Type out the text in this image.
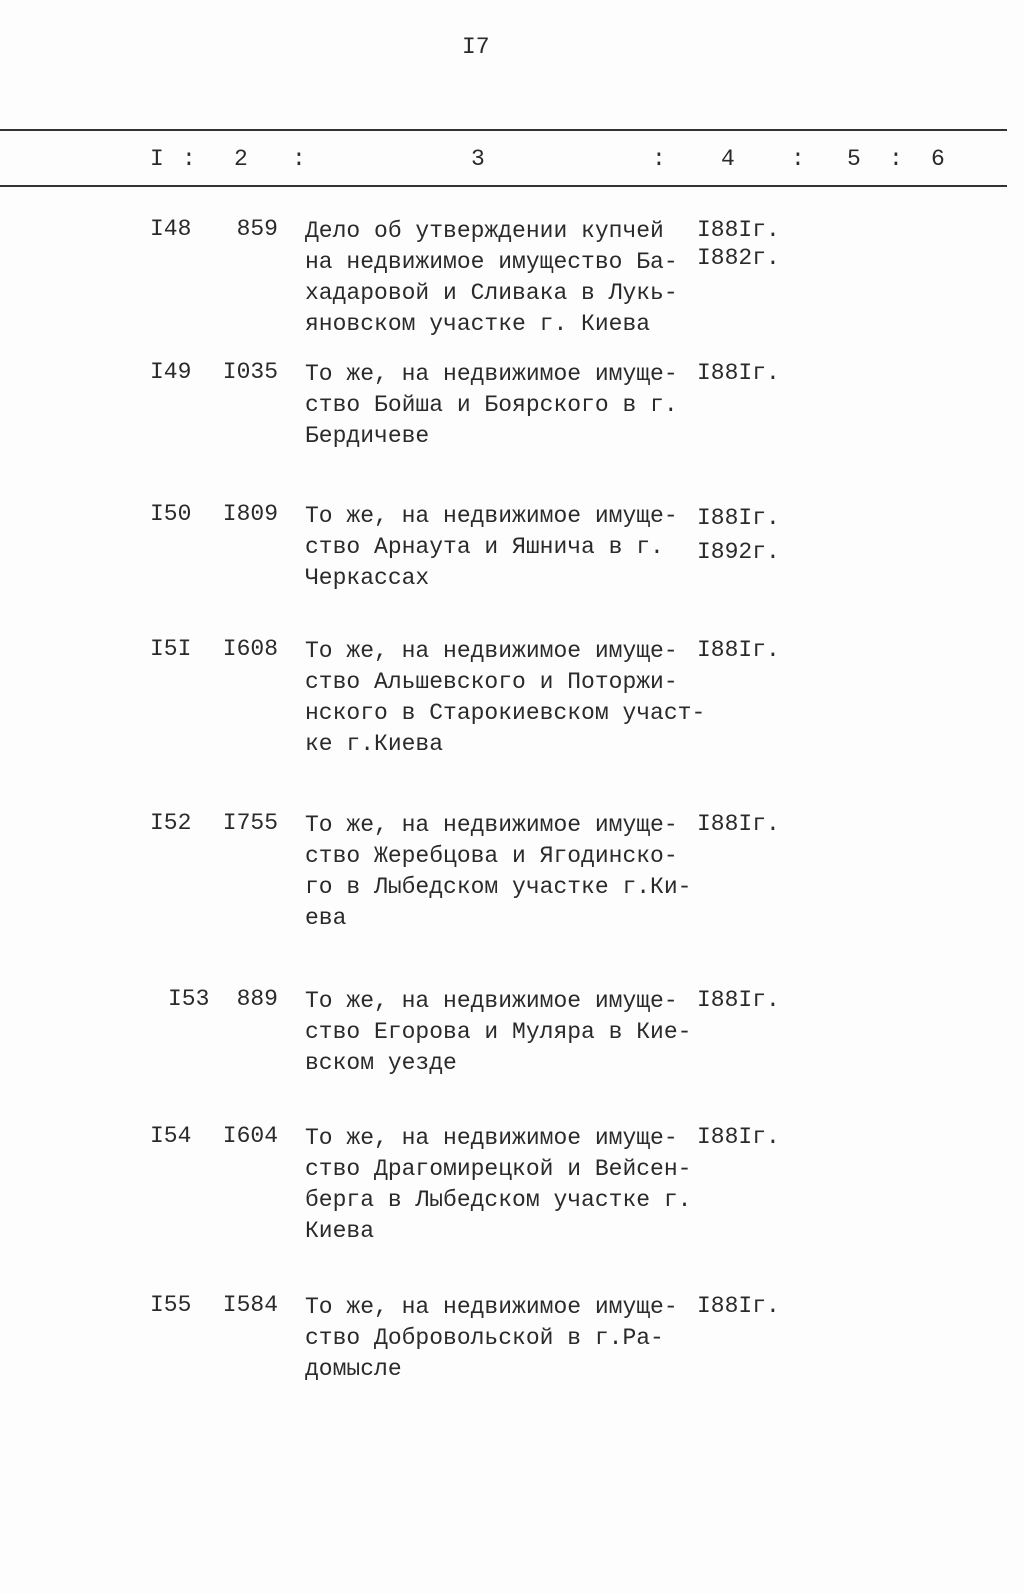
I7
I : 2 :	3	: 4 : 5 : 6
I48 859 Дело об утверждении купчей
на недвижимое имущество Ба-
хадаровой и Сливака в Лукь-
яновском участке г. Киева
I88Iг.
I882г.
I49 I035 То же, на недвижимое имуще-
ство Бойша и Боярского в г.
Бердичеве
I88Iг.
I50 I809 То же, на недвижимое имуще-
ство Арнаута и Яшнича в г.
Черкассах
I88Iг.
I892г.
I5I I608 То же, на недвижимое имуще-
ство Альшевского и Поторжи-
нского в Старокиевском участ-
ке г.Киева
I88Iг.
I52 I755 То же, на недвижимое имуще-
ство Жеребцова и Ягодинско-
го в Лыбедском участке г.Ки-
ева
I88Iг.
I53 889 То же, на недвижимое имуще-
ство Егорова и Муляра в Кие-
вском уезде
I88Iг.
I54 I604 То же, на недвижимое имуще-
ство Драгомирецкой и Вейсен-
берга в Лыбедском участке г.
Киева
I88Iг.
I55 I584 То же, на недвижимое имуще-
ство Добровольской в г.Ра-
домысле
I88Iг.
